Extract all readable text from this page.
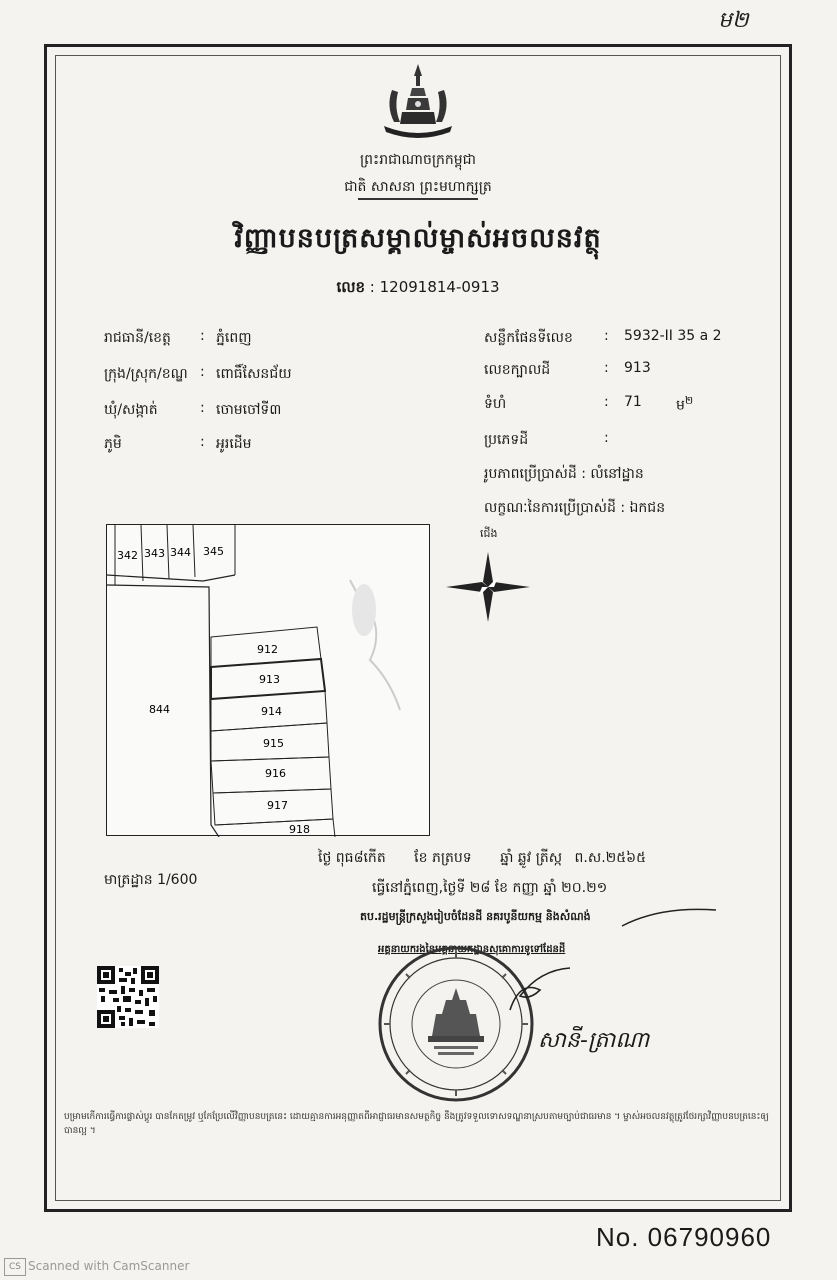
ម២
ព្រះរាជាណាចក្រកម្ពុជា
ជាតិ សាសនា ព្រះមហាក្សត្រ
វិញ្ញាបនបត្រសម្គាល់ម្ចាស់អចលនវត្ថុ
លេខ : 12091814-0913
រាជធានី/ខេត្ត : ភ្នំពេញ
ក្រុង/ស្រុក/ខណ្ឌ : ពោធិ៍សែនជ័យ
ឃុំ/សង្កាត់	: ចោមចៅទី៣
ភូមិ	: អូរដើម
សន្លឹកផែនទីលេខ : 5932-II 35 a 2
លេខក្បាលដី	: 913
ទំហំ	: 71 ម$^២$
ប្រភេទដី	:
រូបភាពប្រើប្រាស់ដី : លំនៅដ្ឋាន
លក្ខណៈនៃការប្រើប្រាស់ដី : ឯកជន
342 343 344 345
844
912
913
914
915
916
917
918
ជើង
មាត្រដ្ឋាន 1/600
ថ្ងៃ ពុធ៨កើត ខែ ភត្របទ ឆ្នាំ ឆ្លូវ ត្រីស្ក ព.ស.២៥៦៥
ធ្វើនៅភ្នំពេញ,ថ្ងៃទី ២៨ ខែ កញ្ញា ឆ្នាំ ២០.២១
តប.រដ្ឋមន្ត្រីក្រសួងរៀបចំដែនដី នគរបូនីយកម្ម និងសំណង់
អគ្គនាយករងនៃអគ្គនាយកដ្ឋានសុគោការទូទៅដែនដី
សានី-ត្រាណា
បម្រាមកើការធ្វើការផ្លាស់ប្ដូរ បានកែតម្រូវ ឬកែប្រែលើវិញ្ញាបនបត្រនេះ ដោយគ្មានការអនុញ្ញាតពីអាជ្ញាធរមានសមត្ថកិច្ច នឹងត្រូវទទួលទោសទណ្ឌនាស្របតាមច្បាប់ជាធរមាន ។ ម្ចាស់អចលនវត្ថុត្រូវថែរក្សាវិញ្ញាបនបត្រនេះឲ្យបានល្អ ។
No. 06790960
CS Scanned with CamScanner
